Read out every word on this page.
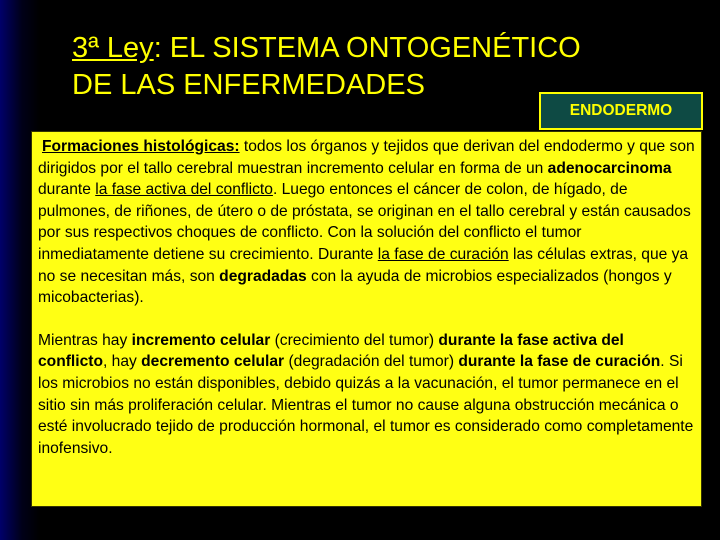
3ª Ley: EL SISTEMA ONTOGENÉTICO
DE LAS ENFERMEDADES
ENDODERMO

Formaciones histológicas: todos los órganos y tejidos que derivan del endodermo y que son dirigidos por el tallo cerebral muestran incremento celular en forma de un adenocarcinoma durante la fase activa del conflicto. Luego entonces el cáncer de colon, de hígado, de pulmones, de riñones, de útero o de próstata, se originan en el tallo cerebral y están causados por sus respectivos choques de conflicto. Con la solución del conflicto el tumor inmediatamente detiene su crecimiento. Durante la fase de curación las células extras, que ya no se necesitan más, son degradadas con la ayuda de microbios especializados (hongos y micobacterias).

Mientras hay incremento celular (crecimiento del tumor) durante la fase activa del conflicto, hay decremento celular (degradación del tumor) durante la fase de curación. Si los microbios no están disponibles, debido quizás a la vacunación, el tumor permanece en el sitio sin más proliferación celular. Mientras el tumor no cause alguna obstrucción mecánica o esté involucrado tejido de producción hormonal, el tumor es considerado como completamente inofensivo.
